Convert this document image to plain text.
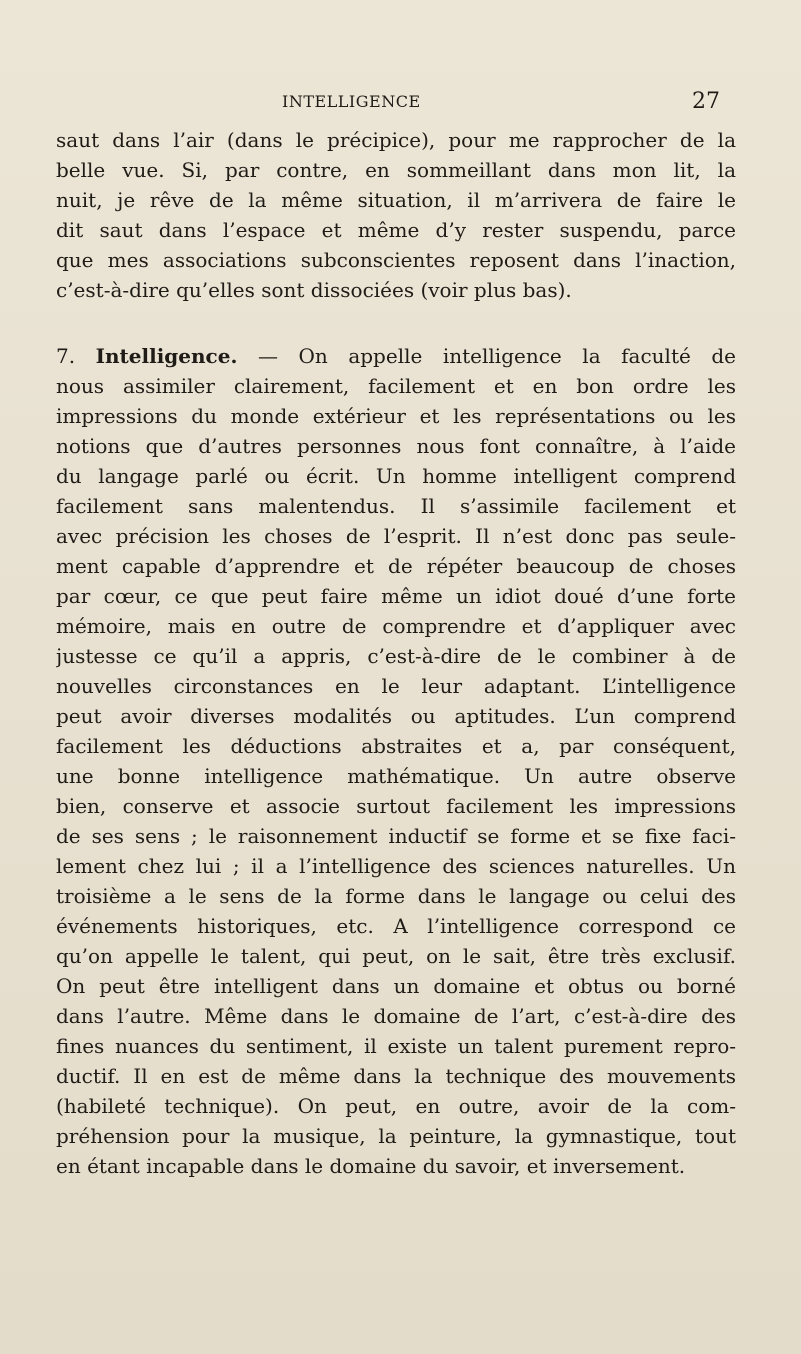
INTELLIGENCE	27
saut dans l’air (dans le précipice), pour me rapprocher de la
belle vue. Si, par contre, en sommeillant dans mon lit, la
nuit, je rêve de la même situation, il m’arrivera de faire le
dit saut dans l’espace et même d’y rester suspendu, parce
que mes associations subconscientes reposent dans l’inaction,
c’est-à-dire qu’elles sont dissociées (voir plus bas).
7. Intelligence. — On appelle intelligence la faculté de
nous assimiler clairement, facilement et en bon ordre les
impressions du monde extérieur et les représentations ou les
notions que d’autres personnes nous font connaître, à l’aide
du langage parlé ou écrit. Un homme intelligent comprend
facilement sans malentendus. Il s’assimile facilement et
avec précision les choses de l’esprit. Il n’est donc pas seule-
ment capable d’apprendre et de répéter beaucoup de choses
par cœur, ce que peut faire même un idiot doué d’une forte
mémoire, mais en outre de comprendre et d’appliquer avec
justesse ce qu’il a appris, c’est-à-dire de le combiner à de
nouvelles circonstances en le leur adaptant. L’intelligence
peut avoir diverses modalités ou aptitudes. L’un comprend
facilement les déductions abstraites et a, par conséquent,
une bonne intelligence mathématique. Un autre observe
bien, conserve et associe surtout facilement les impressions
de ses sens ; le raisonnement inductif se forme et se fixe faci-
lement chez lui ; il a l’intelligence des sciences naturelles. Un
troisième a le sens de la forme dans le langage ou celui des
événements historiques, etc. A l’intelligence correspond ce
qu’on appelle le talent, qui peut, on le sait, être très exclusif.
On peut être intelligent dans un domaine et obtus ou borné
dans l’autre. Même dans le domaine de l’art, c’est-à-dire des
fines nuances du sentiment, il existe un talent purement repro-
ductif. Il en est de même dans la technique des mouvements
(habileté technique). On peut, en outre, avoir de la com-
préhension pour la musique, la peinture, la gymnastique, tout
en étant incapable dans le domaine du savoir, et inversement.
